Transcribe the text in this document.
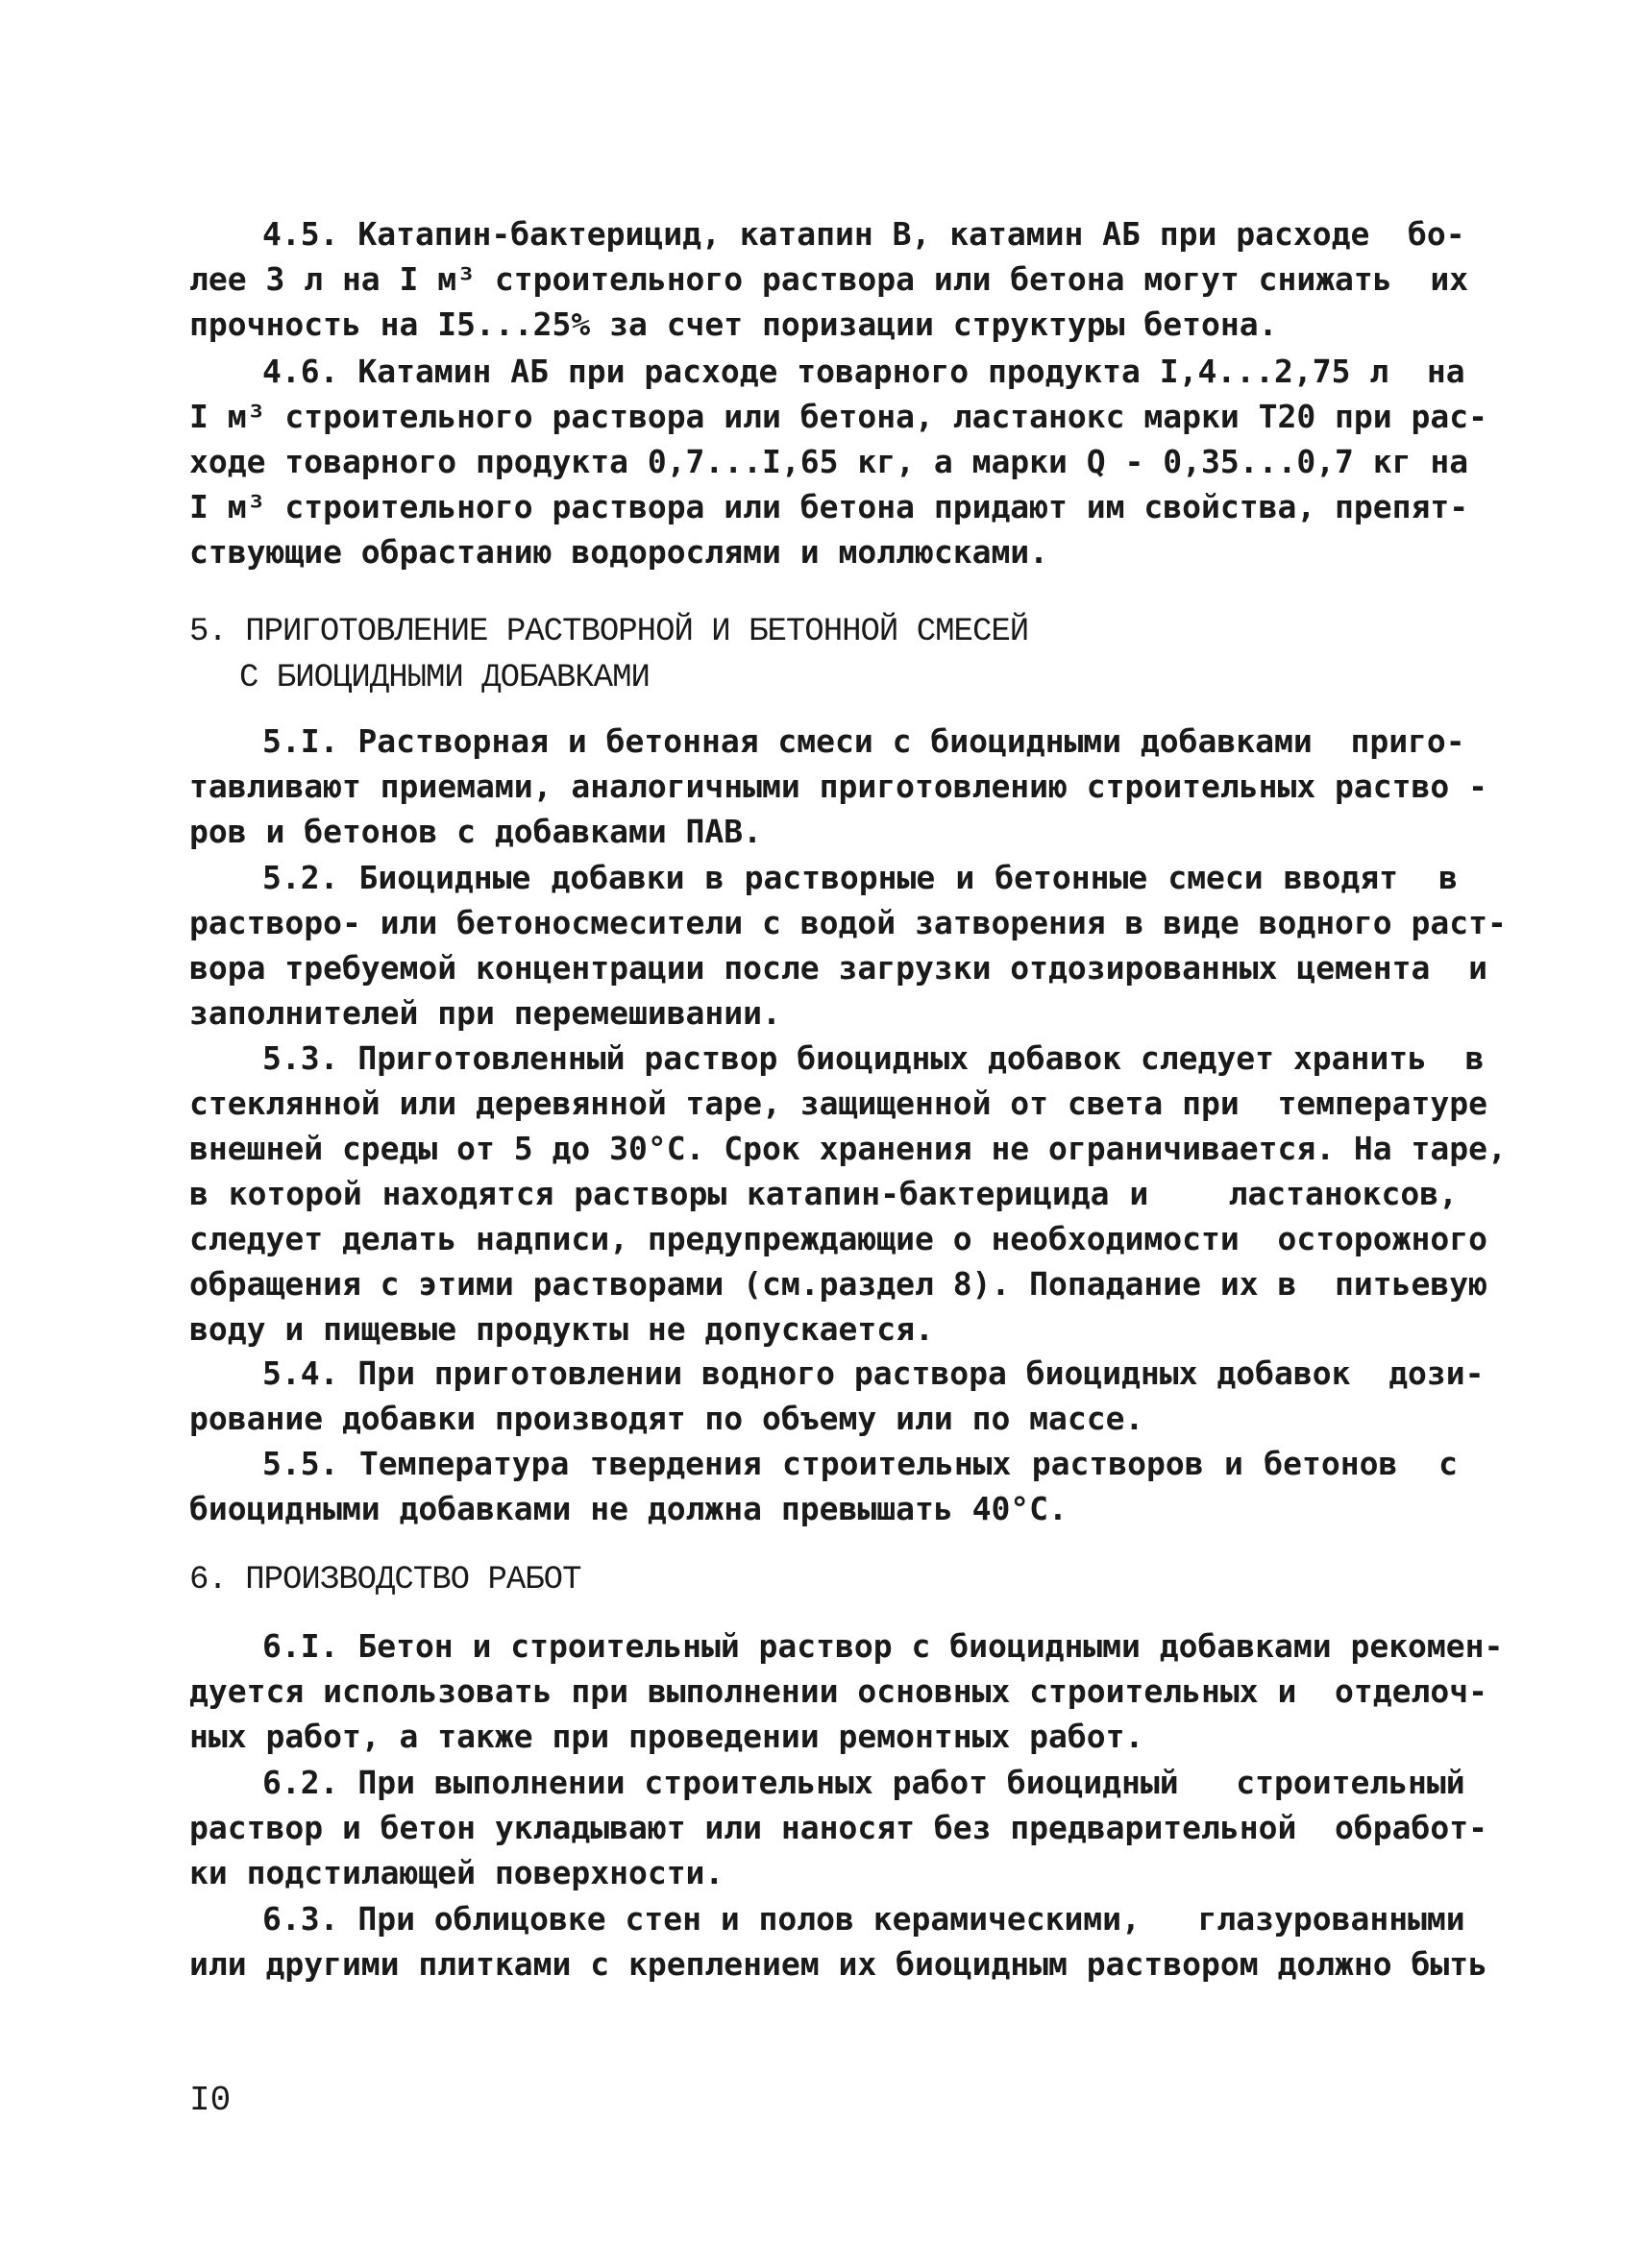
4.5. Катапин-бактерицид, катапин В, катамин АБ при расходе  бо-
лее 3 л на I м³ строительного раствора или бетона могут снижать  их
прочность на I5...25% за счет поризации структуры бетона.

4.6. Катамин АБ при расходе товарного продукта I,4...2,75 л  на
I м³ строительного раствора или бетона, ластанокс марки Т20 при рас-
ходе товарного продукта 0,7...I,65 кг, а марки Q - 0,35...0,7 кг на
I м³ строительного раствора или бетона придают им свойства, препят-
ствующие обрастанию водорослями и моллюсками.

5. ПРИГОТОВЛЕНИЕ РАСТВОРНОЙ И БЕТОННОЙ СМЕСЕЙ
С БИОЦИДНЫМИ ДОБАВКАМИ

5.I. Растворная и бетонная смеси с биоцидными добавками  приго-
тавливают приемами, аналогичными приготовлению строительных раство -
ров и бетонов с добавками ПАВ.

5.2. Биоцидные добавки в растворные и бетонные смеси вводят  в
растворо- или бетоносмесители с водой затворения в виде водного раст-
вора требуемой концентрации после загрузки отдозированных цемента  и
заполнителей при перемешивании.

5.3. Приготовленный раствор биоцидных добавок следует хранить  в
стеклянной или деревянной таре, защищенной от света при  температуре
внешней среды от 5 до 30°С. Срок хранения не ограничивается. На таре,
в которой находятся растворы катапин-бактерицида и    ластаноксов,
следует делать надписи, предупреждающие о необходимости  осторожного
обращения с этими растворами (см.раздел 8). Попадание их в  питьевую
воду и пищевые продукты не допускается.

5.4. При приготовлении водного раствора биоцидных добавок  дози-
рование добавки производят по объему или по массе.

5.5. Температура твердения строительных растворов и бетонов  с
биоцидными добавками не должна превышать 40°С.

6. ПРОИЗВОДСТВО РАБОТ

6.I. Бетон и строительный раствор с биоцидными добавками рекомен-
дуется использовать при выполнении основных строительных и  отделоч-
ных работ, а также при проведении ремонтных работ.

6.2. При выполнении строительных работ биоцидный   строительный
раствор и бетон укладывают или наносят без предварительной  обработ-
ки подстилающей поверхности.

6.3. При облицовке стен и полов керамическими,   глазурованными
или другими плитками с креплением их биоцидным раствором должно быть

I0
